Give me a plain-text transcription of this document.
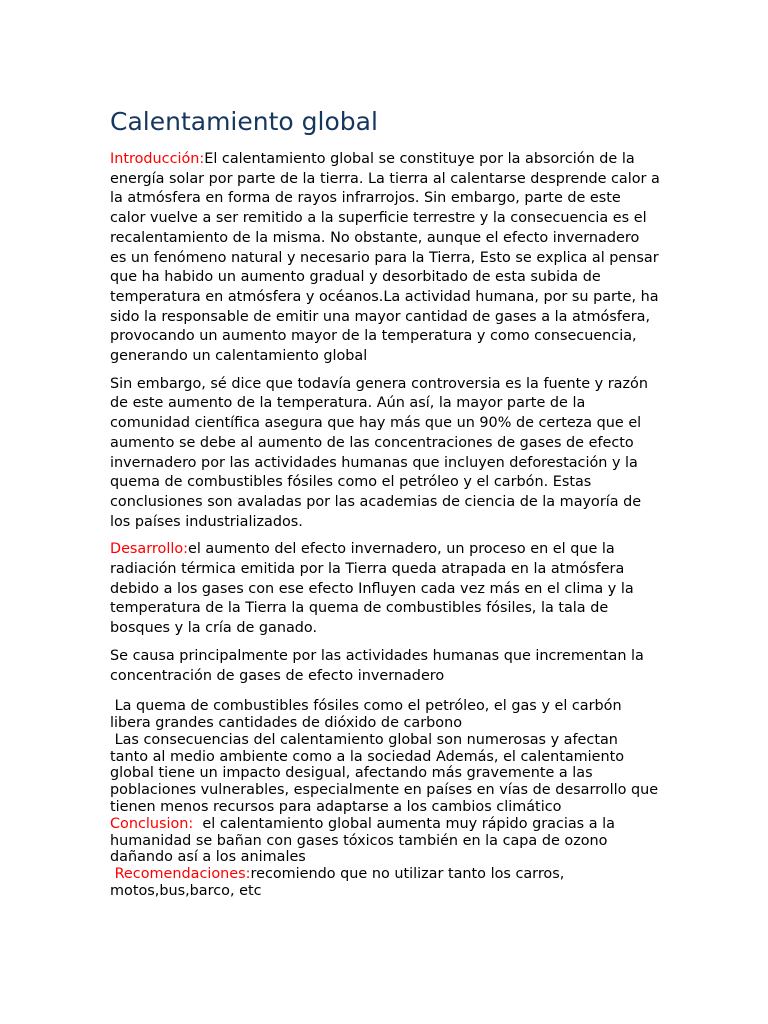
Calentamiento global

Introducción:El calentamiento global se constituye por la absorción de la energía solar por parte de la tierra. La tierra al calentarse desprende calor a la atmósfera en forma de rayos infrarrojos. Sin embargo, parte de este calor vuelve a ser remitido a la superficie terrestre y la consecuencia es el recalentamiento de la misma. No obstante, aunque el efecto invernadero es un fenómeno natural y necesario para la Tierra, Esto se explica al pensar que ha habido un aumento gradual y desorbitado de esta subida de temperatura en atmósfera y océanos.La actividad humana, por su parte, ha sido la responsable de emitir una mayor cantidad de gases a la atmósfera, provocando un aumento mayor de la temperatura y como consecuencia, generando un calentamiento global

Sin embargo, sé dice que todavía genera controversia es la fuente y razón de este aumento de la temperatura. Aún así, la mayor parte de la comunidad científica asegura que hay más que un 90% de certeza que el aumento se debe al aumento de las concentraciones de gases de efecto invernadero por las actividades humanas que incluyen deforestación y la quema de combustibles fósiles como el petróleo y el carbón. Estas conclusiones son avaladas por las academias de ciencia de la mayoría de los países industrializados.

Desarrollo:el aumento del efecto invernadero, un proceso en el que la radiación térmica emitida por la Tierra queda atrapada en la atmósfera debido a los gases con ese efecto Influyen cada vez más en el clima y la temperatura de la Tierra la quema de combustibles fósiles, la tala de bosques y la cría de ganado.

Se causa principalmente por las actividades humanas que incrementan la concentración de gases de efecto invernadero

La quema de combustibles fósiles como el petróleo, el gas y el carbón libera grandes cantidades de dióxido de carbono

Las consecuencias del calentamiento global son numerosas y afectan tanto al medio ambiente como a la sociedad Además, el calentamiento global tiene un impacto desigual, afectando más gravemente a las poblaciones vulnerables, especialmente en países en vías de desarrollo que tienen menos recursos para adaptarse a los cambios climático

Conclusion:  el calentamiento global aumenta muy rápido gracias a la humanidad se bañan con gases tóxicos también en la capa de ozono dañando así a los animales

Recomendaciones:recomiendo que no utilizar tanto los carros, motos,bus,barco, etc
